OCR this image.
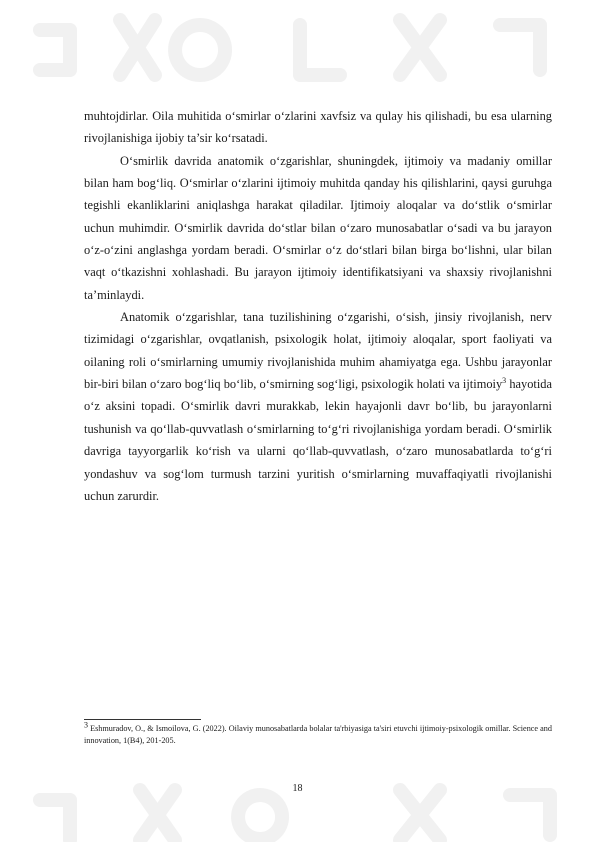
muhtojdirlar. Oila muhitida o‘smirlar o‘zlarini xavfsiz va qulay his qilishadi, bu esa ularning rivojlanishiga ijobiy ta’sir ko‘rsatadi.

O‘smirlik davrida anatomik o‘zgarishlar, shuningdek, ijtimoiy va madaniy omillar bilan ham bog‘liq. O‘smirlar o‘zlarini ijtimoiy muhitda qanday his qilishlarini, qaysi guruhga tegishli ekanliklarini aniqlashga harakat qiladilar. Ijtimoiy aloqalar va do‘stlik o‘smirlar uchun muhimdir. O‘smirlik davrida do‘stlar bilan o‘zaro munosabatlar o‘sadi va bu jarayon o‘z-o‘zini anglashga yordam beradi. O‘smirlar o‘z do‘stlari bilan birga bo‘lishni, ular bilan vaqt o‘tkazishni xohlashadi. Bu jarayon ijtimoiy identifikatsiyani va shaxsiy rivojlanishni ta’minlaydi.

Anatomik o‘zgarishlar, tana tuzilishining o‘zgarishi, o‘sish, jinsiy rivojlanish, nerv tizimidagi o‘zgarishlar, ovqatlanish, psixologik holat, ijtimoiy aloqalar, sport faoliyati va oilaning roli o‘smirlarning umumiy rivojlanishida muhim ahamiyatga ega. Ushbu jarayonlar bir-biri bilan o‘zaro bog‘liq bo‘lib, o‘smirning sog‘ligi, psixologik holati va ijtimoiy$^3$ hayotida o‘z aksini topadi. O‘smirlik davri murakkab, lekin hayajonli davr bo‘lib, bu jarayonlarni tushunish va qo‘llab-quvvatlash o‘smirlarning to‘g‘ri rivojlanishiga yordam beradi. O‘smirlik davriga tayyorgarlik ko‘rish va ularni qo‘llab-quvvatlash, o‘zaro munosabatlarda to‘g‘ri yondashuv va sog‘lom turmush tarzini yuritish o‘smirlarning muvaffaqiyatli rivojlanishi uchun zarurdir.

$^3$ Eshmuradov, O., & Ismoilova, G. (2022). Oilaviy munosabatlarda bolalar ta'rbiyasiga ta'siri etuvchi ijtimoiy-psixologik omillar. Science and innovation, 1(B4), 201-205.
18
